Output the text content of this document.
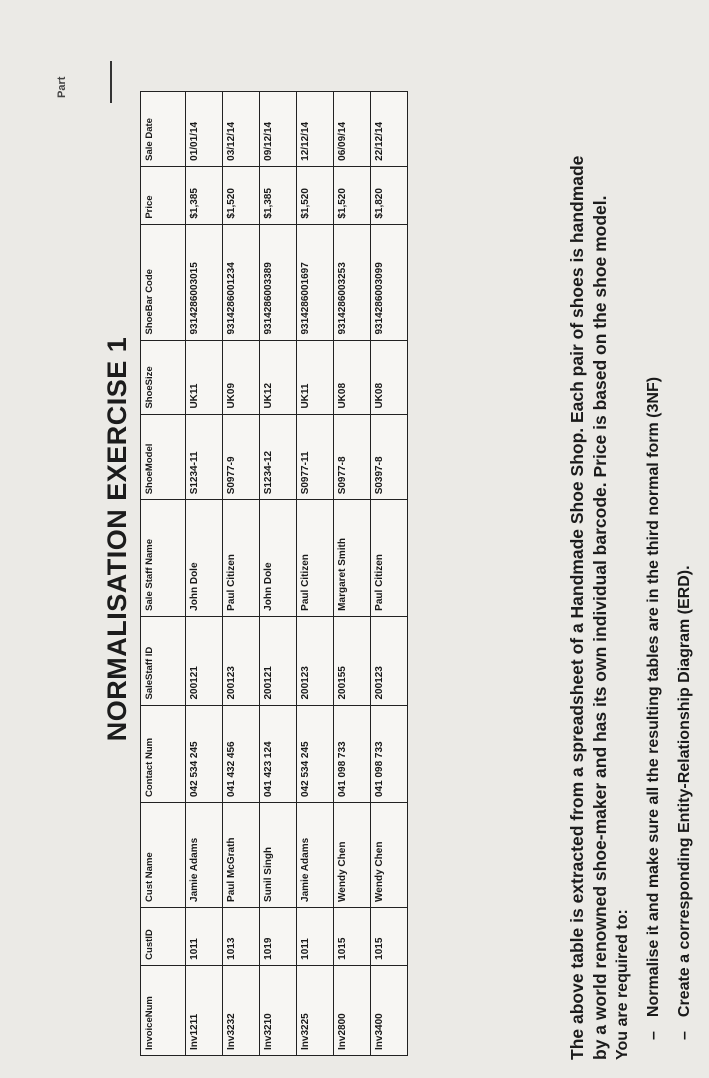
Part
NORMALISATION EXERCISE 1
InvoiceNum	CustID	Cust Name	Contact Num	SaleStaff ID	Sale Staff Name	ShoeModel	ShoeSize	ShoeBar Code	Price	Sale Date
Inv1211	1011	Jamie Adams	042 534 245	200121	John Dole	S1234-11	UK11	9314286003015	$1,385	01/01/14
Inv3232	1013	Paul McGrath	041 432 456	200123	Paul Citizen	S0977-9	UK09	9314286001234	$1,520	03/12/14
Inv3210	1019	Sunil Singh	041 423 124	200121	John Dole	S1234-12	UK12	9314286003389	$1,385	09/12/14
Inv3225	1011	Jamie Adams	042 534 245	200123	Paul Citizen	S0977-11	UK11	9314286001697	$1,520	12/12/14
Inv2800	1015	Wendy Chen	041 098 733	200155	Margaret Smith	S0977-8	UK08	9314286003253	$1,520	06/09/14
Inv3400	1015	Wendy Chen	041 098 733	200123	Paul Citizen	S0397-8	UK08	9314286003099	$1,820	22/12/14
The above table is extracted from a spreadsheet of a Handmade Shoe Shop. Each pair of shoes is handmade by a world renowned shoe-maker and has its own individual barcode. Price is based on the shoe model. You are required to: –Normalise it and make sure all the resulting tables are in the third normal form (3NF)
–Create a corresponding Entity-Relationship Diagram (ERD).
